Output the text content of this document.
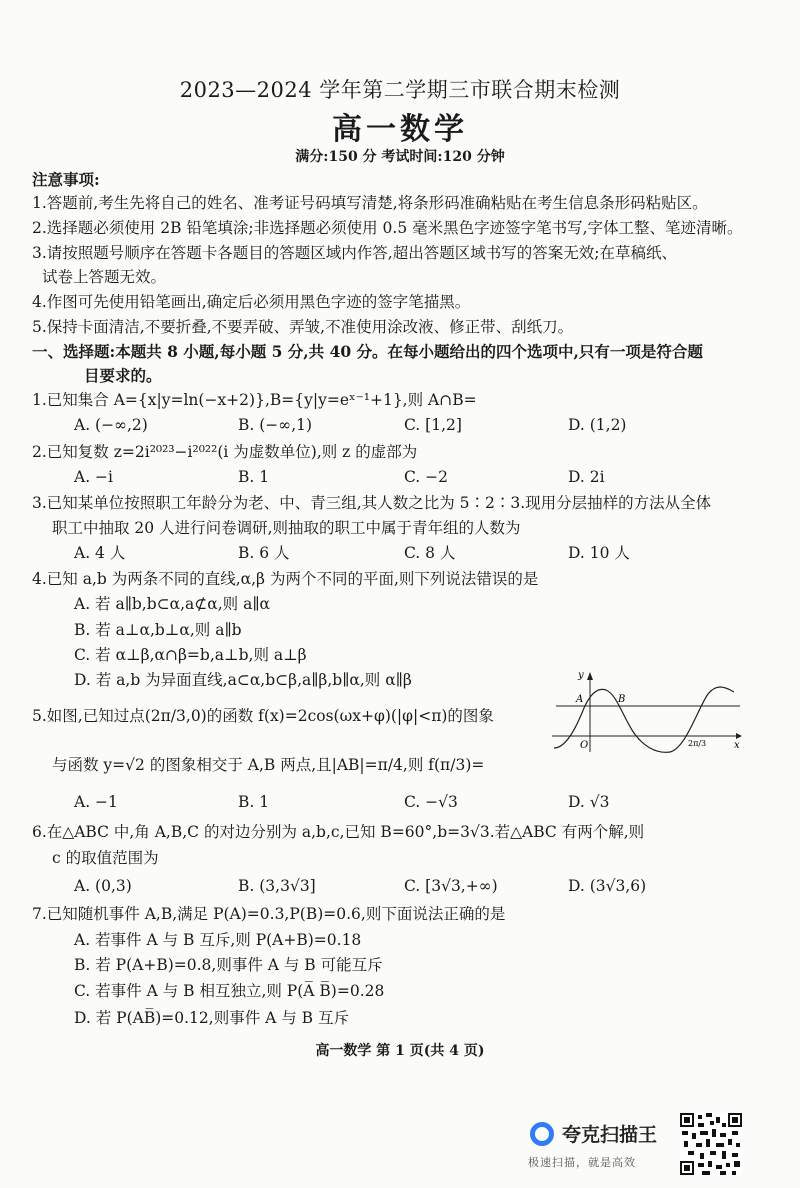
2023—2024 学年第二学期三市联合期末检测
高一数学
满分:150 分 考试时间:120 分钟
注意事项:
1.答题前,考生先将自己的姓名、准考证号码填写清楚,将条形码准确粘贴在考生信息条形码粘贴区。
2.选择题必须使用 2B 铅笔填涂;非选择题必须使用 0.5 毫米黑色字迹签字笔书写,字体工整、笔迹清晰。
3.请按照题号顺序在答题卡各题目的答题区域内作答,超出答题区域书写的答案无效;在草稿纸、
试卷上答题无效。
4.作图可先使用铅笔画出,确定后必须用黑色字迹的签字笔描黑。
5.保持卡面清洁,不要折叠,不要弄破、弄皱,不准使用涂改液、修正带、刮纸刀。
一、选择题:本题共 8 小题,每小题 5 分,共 40 分。在每小题给出的四个选项中,只有一项是符合题
目要求的。
1.已知集合 A={x|y=ln(−x+2)},B={y|y=eˣ⁻¹+1},则 A∩B=
A. (−∞,2)	B. (−∞,1)	C. [1,2]	D. (1,2)
2.已知复数 z=2i²⁰²³−i²⁰²²(i 为虚数单位),则 z 的虚部为
A. −i	B. 1	C. −2	D. 2i
3.已知某单位按照职工年龄分为老、中、青三组,其人数之比为 5∶2∶3.现用分层抽样的方法从全体
职工中抽取 20 人进行问卷调研,则抽取的职工中属于青年组的人数为
A. 4 人	B. 6 人	C. 8 人	D. 10 人
4.已知 a,b 为两条不同的直线,α,β 为两个不同的平面,则下列说法错误的是
A. 若 a∥b,b⊂α,a⊄α,则 a∥α
B. 若 a⊥α,b⊥α,则 a∥b
C. 若 α⊥β,α∩β=b,a⊥b,则 a⊥β
D. 若 a,b 为异面直线,a⊂α,b⊂β,a∥β,b∥α,则 α∥β
5.如图,已知过点(2π/3,0)的函数 f(x)=2cos(ωx+φ)(|φ|<π)的图象
与函数 y=√2 的图象相交于 A,B 两点,且|AB|=π/4,则 f(π/3)=
A. −1	B. 1	C. −√3	D. √3
y
x
O
A	B
2π/3
6.在△ABC 中,角 A,B,C 的对边分别为 a,b,c,已知 B=60°,b=3√3.若△ABC 有两个解,则
c 的取值范围为
A. (0,3)	B. (3,3√3]	C. [3√3,+∞)	D. (3√3,6)
7.已知随机事件 A,B,满足 P(A)=0.3,P(B)=0.6,则下面说法正确的是
A. 若事件 A 与 B 互斥,则 P(A+B)=0.18
B. 若 P(A+B)=0.8,则事件 A 与 B 可能互斥
C. 若事件 A 与 B 相互独立,则 P(A̅ B̅)=0.28
D. 若 P(AB̅)=0.12,则事件 A 与 B 互斥
高一数学 第 1 页(共 4 页)
夸克扫描王
极速扫描，就是高效
